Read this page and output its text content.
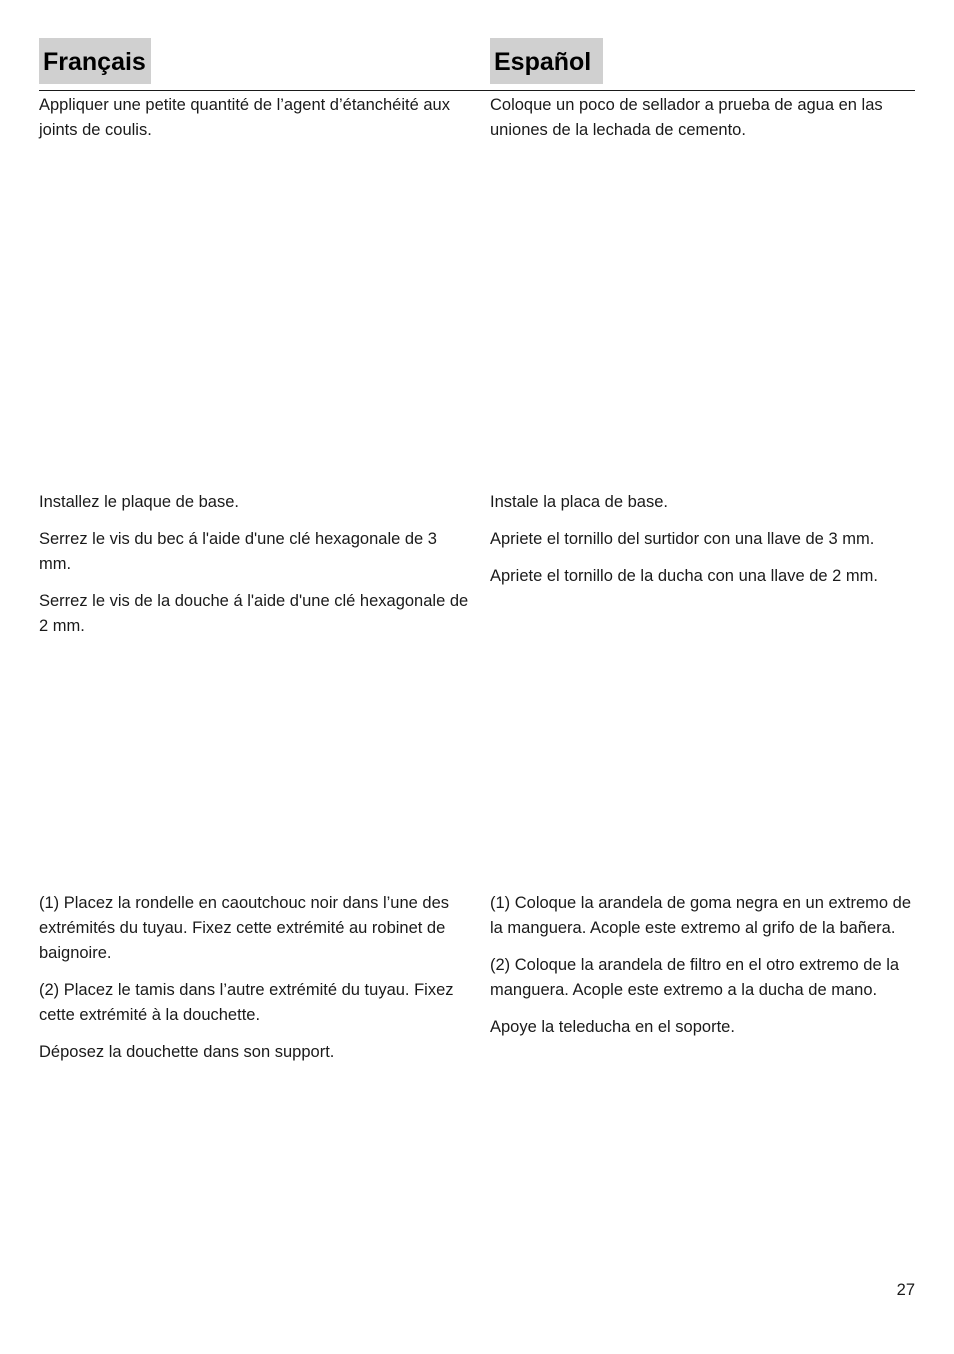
Français	Español

Appliquer une petite quantité de l’agent d’étanchéité aux joints de coulis.

Coloque un poco de sellador a prueba de agua en las uniones de la lechada de cemento.

Installez le plaque de base.

Serrez le vis du bec á l'aide d'une clé hexagonale de 3 mm.

Serrez le vis de la douche á l'aide d'une clé hexagonale de 2 mm.

Instale la placa de base.

Apriete el tornillo del surtidor con una llave de 3 mm.

Apriete el tornillo de la ducha con una llave de 2 mm.

(1) Placez la rondelle en caoutchouc noir dans l’une des extrémités du tuyau. Fixez cette extrémité au robinet de baignoire.

(2) Placez le tamis dans l’autre extrémité du tuyau. Fixez cette extrémité à la douchette.

Déposez la douchette dans son support.

(1) Coloque la arandela de goma negra en un extremo de la manguera. Acople este extremo al grifo de la bañera.

(2) Coloque la arandela de filtro en el otro extremo de la manguera. Acople este extremo a la ducha de mano.

Apoye la teleducha en el soporte.

27
